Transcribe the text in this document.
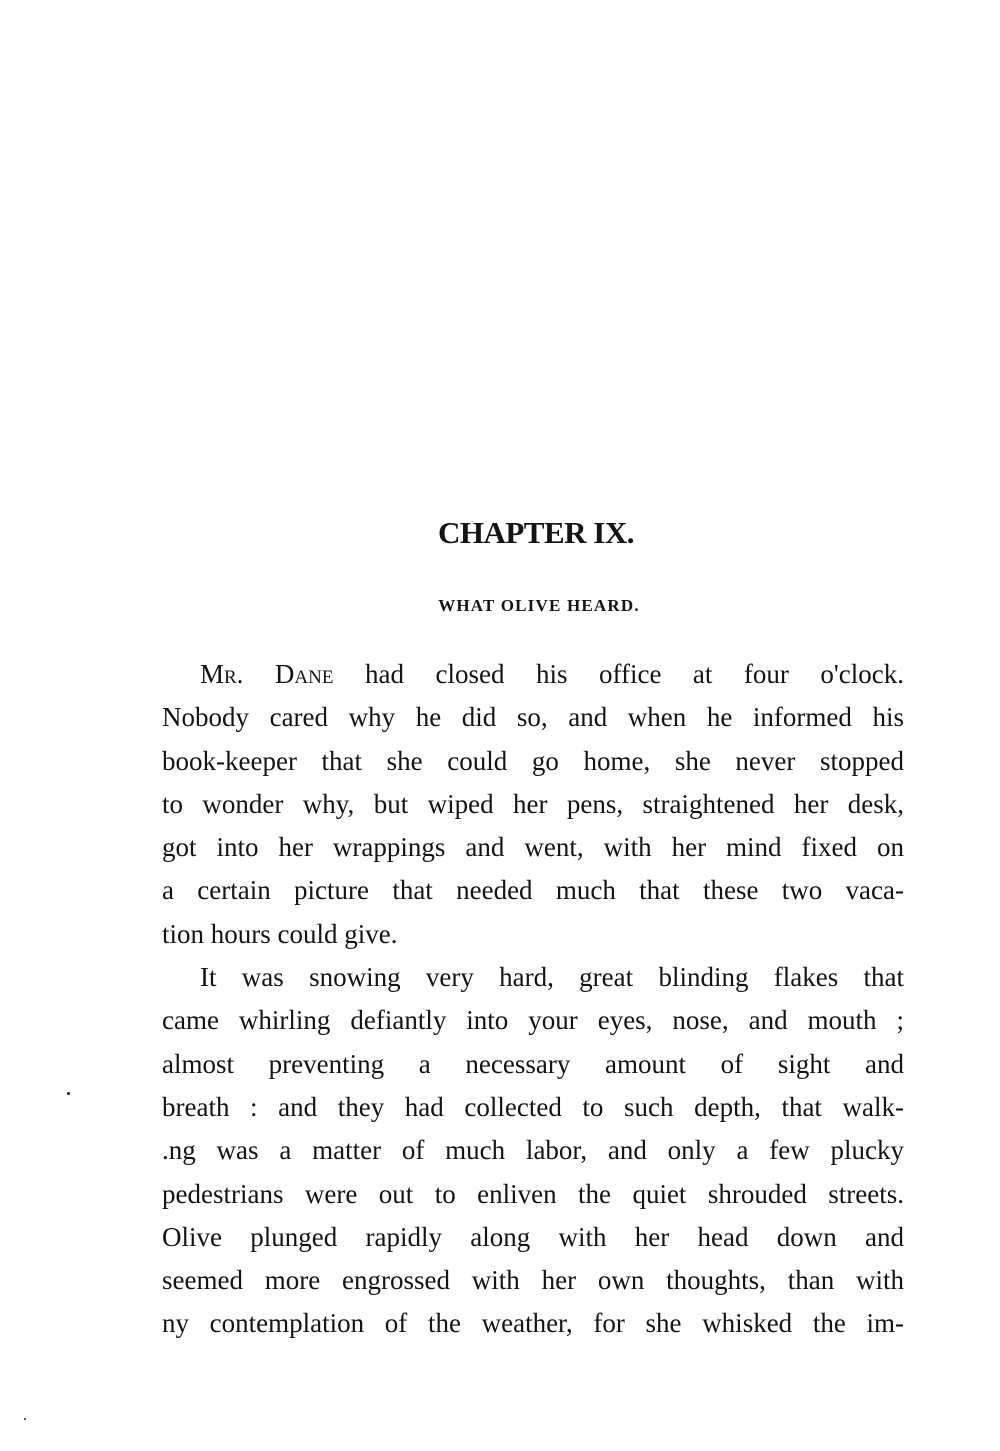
CHAPTER IX.
WHAT OLIVE HEARD.

Mr. Dane had closed his office at four o'clock.
Nobody cared why he did so, and when he informed his
book-keeper that she could go home, she never stopped
to wonder why, but wiped her pens, straightened her desk,
got into her wrappings and went, with her mind fixed on
a certain picture that needed much that these two vaca-
tion hours could give.

It was snowing very hard, great blinding flakes that
came whirling defiantly into your eyes, nose, and mouth ;
almost preventing a necessary amount of sight and
breath : and they had collected to such depth, that walk-
.ng was a matter of much labor, and only a few plucky
pedestrians were out to enliven the quiet shrouded streets.
Olive plunged rapidly along with her head down and
seemed more engrossed with her own thoughts, than with
ny contemplation of the weather, for she whisked the im-
